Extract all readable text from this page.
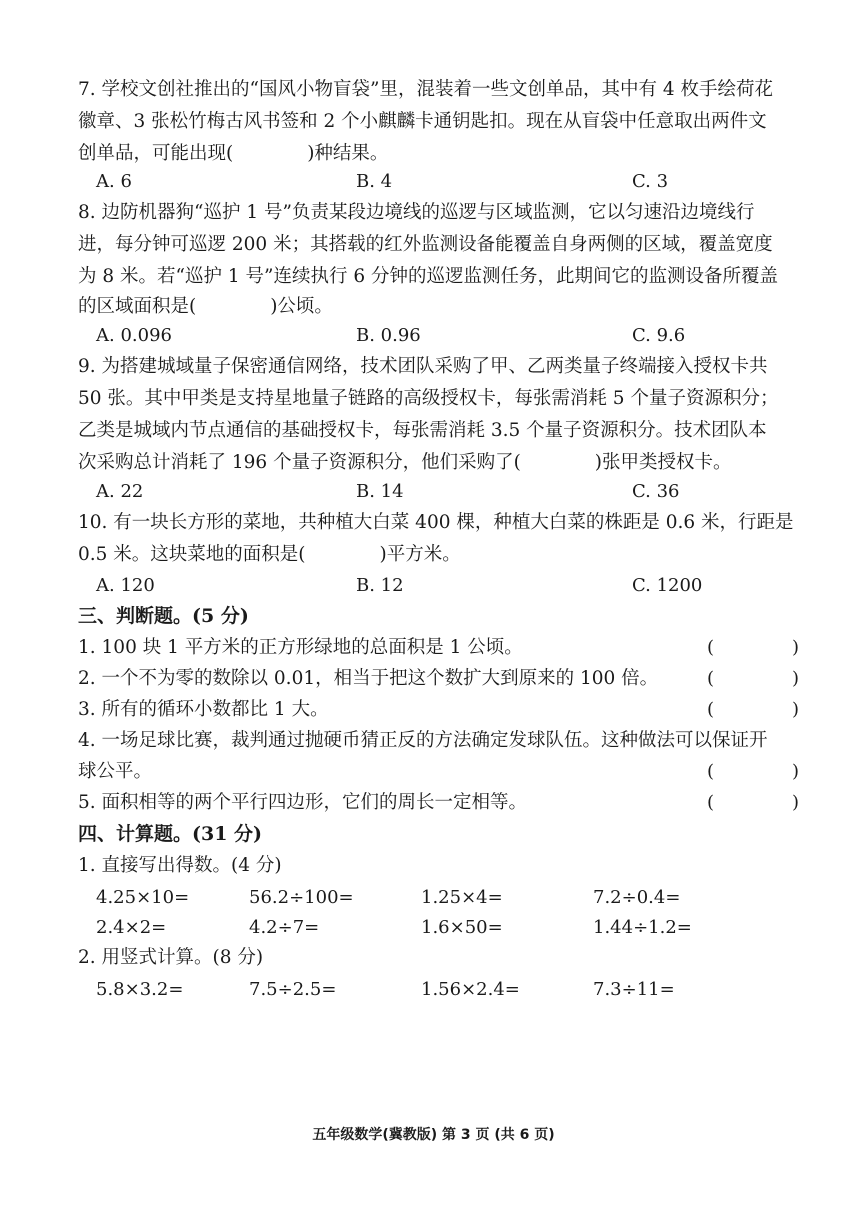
7. 学校文创社推出的“国风小物盲袋”里，混装着一些文创单品，其中有 4 枚手绘荷花
徽章、3 张松竹梅古风书签和 2 个小麒麟卡通钥匙扣。现在从盲袋中任意取出两件文
创单品，可能出现(　　　　)种结果。
A. 6	B. 4	C. 3
8. 边防机器狗“巡护 1 号”负责某段边境线的巡逻与区域监测，它以匀速沿边境线行
进，每分钟可巡逻 200 米；其搭载的红外监测设备能覆盖自身两侧的区域，覆盖宽度
为 8 米。若“巡护 1 号”连续执行 6 分钟的巡逻监测任务，此期间它的监测设备所覆盖
的区域面积是(　　　　)公顷。
A. 0.096	B. 0.96	C. 9.6
9. 为搭建城域量子保密通信网络，技术团队采购了甲、乙两类量子终端接入授权卡共
50 张。其中甲类是支持星地量子链路的高级授权卡，每张需消耗 5 个量子资源积分；
乙类是城域内节点通信的基础授权卡，每张需消耗 3.5 个量子资源积分。技术团队本
次采购总计消耗了 196 个量子资源积分，他们采购了(　　　　)张甲类授权卡。
A. 22	B. 14	C. 36
10. 有一块长方形的菜地，共种植大白菜 400 棵，种植大白菜的株距是 0.6 米，行距是
0.5 米。这块菜地的面积是(　　　　)平方米。
A. 120	B. 12	C. 1200
三、判断题。(5 分)
1. 100 块 1 平方米的正方形绿地的总面积是 1 公顷。	(	)
2. 一个不为零的数除以 0.01，相当于把这个数扩大到原来的 100 倍。	(	)
3. 所有的循环小数都比 1 大。	(	)
4. 一场足球比赛，裁判通过抛硬币猜正反的方法确定发球队伍。这种做法可以保证开
球公平。	(	)
5. 面积相等的两个平行四边形，它们的周长一定相等。	(	)
四、计算题。(31 分)
1. 直接写出得数。(4 分)
4.25×10=	56.2÷100=	1.25×4=	7.2÷0.4=
2.4×2=	4.2÷7=	1.6×50=	1.44÷1.2=
2. 用竖式计算。(8 分)
5.8×3.2=	7.5÷2.5=	1.56×2.4=	7.3÷11=
五年级数学(冀教版) 第 3 页 (共 6 页)
